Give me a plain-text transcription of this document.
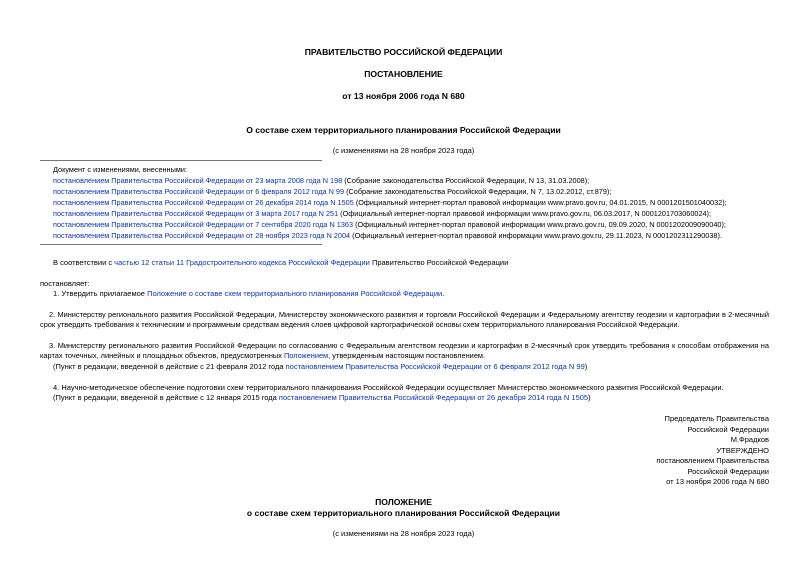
ПРАВИТЕЛЬСТВО РОССИЙСКОЙ ФЕДЕРАЦИИ
ПОСТАНОВЛЕНИЕ
от 13 ноября 2006 года N 680
О составе схем территориального планирования Российской Федерации
(с изменениями на 28 ноября 2023 года)
Документ с изменениями, внесенными:
постановлением Правительства Российской Федерации от 23 марта 2008 года N 198 (Собрание законодательства Российской Федерации, N 13, 31.03.2008);
постановлением Правительства Российской Федерации от 6 февраля 2012 года N 99 (Собрание законодательства Российской Федерации, N 7, 13.02.2012, ст.879);
постановлением Правительства Российской Федерации от 26 декабря 2014 года N 1505 (Официальный интернет-портал правовой информации www.pravo.gov.ru, 04.01.2015, N 0001201501040032);
постановлением Правительства Российской Федерации от 3 марта 2017 года N 251 (Официальный интернет-портал правовой информации www.pravo.gov.ru, 06.03.2017, N 0001201703060024);
постановлением Правительства Российской Федерации от 7 сентября 2020 года N 1363 (Официальный интернет-портал правовой информации www.pravo.gov.ru, 09.09.2020, N 0001202009090040);
постановлением Правительства Российской Федерации от 28 ноября 2023 года N 2004 (Официальный интернет-портал правовой информации www.pravo.gov.ru, 29.11.2023, N 0001202311290038).
В соответствии с частью 12 статьи 11 Градостроительного кодекса Российской Федерации Правительство Российской Федерации
постановляет:
1. Утвердить прилагаемое Положение о составе схем территориального планирования Российской Федерации.
2. Министерству регионального развития Российской Федерации, Министерству экономического развития и торговли Российской Федерации и Федеральному агентству геодезии и картографии в 2-месячный срок утвердить требования к техническим и программным средствам ведения слоев цифровой картографической основы схем территориального планирования Российской Федерации.
3. Министерству регионального развития Российской Федерации по согласованию с Федеральным агентством геодезии и картографии в 2-месячный срок утвердить требования к способам отображения на картах точечных, линейных и площадных объектов, предусмотренных Положением, утвержденным настоящим постановлением.
(Пункт в редакции, введенной в действие с 21 февраля 2012 года постановлением Правительства Российской Федерации от 6 февраля 2012 года N 99)
4. Научно-методическое обеспечение подготовки схем территориального планирования Российской Федерации осуществляет Министерство экономического развития Российской Федерации.
(Пункт в редакции, введенной в действие с 12 января 2015 года постановлением Правительства Российской Федерации от 26 декабря 2014 года N 1505)
Председатель Правительства
Российской Федерации
М.Фрадков
УТВЕРЖДЕНО
постановлением Правительства
Российской Федерации
от 13 ноября 2006 года N 680
ПОЛОЖЕНИЕ
о составе схем территориального планирования Российской Федерации
(с изменениями на 28 ноября 2023 года)
